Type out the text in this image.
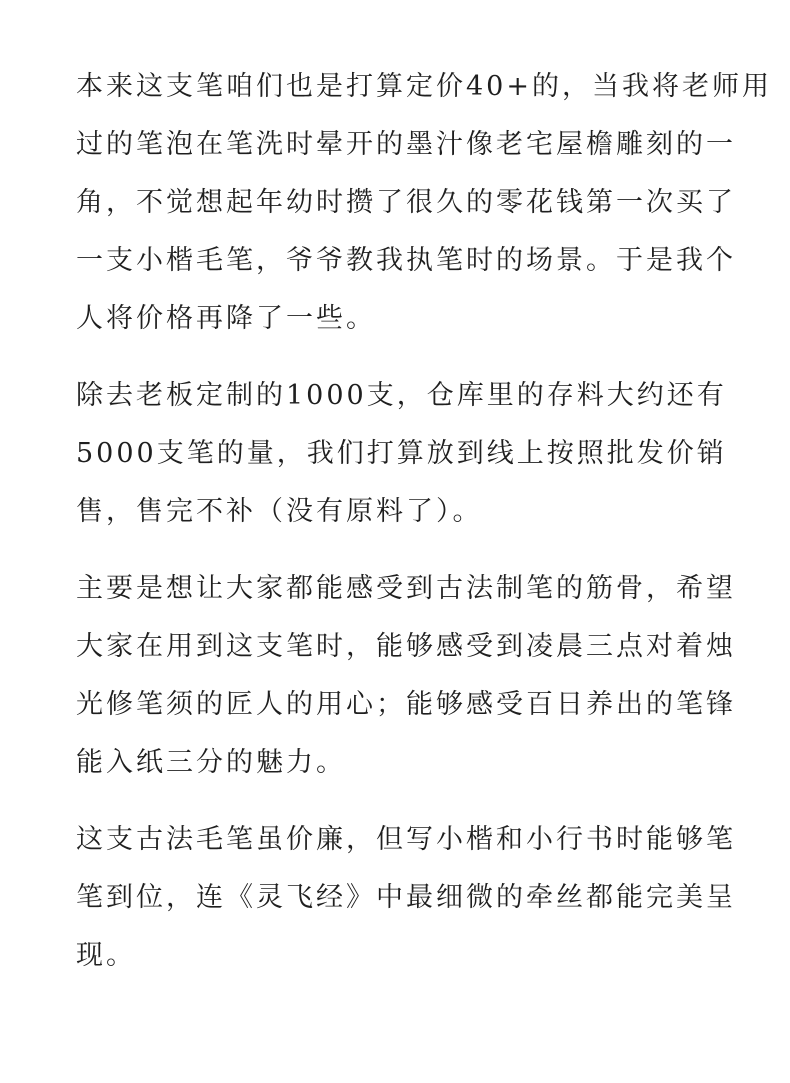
本来这支笔咱们也是打算定价40+的，当我将老师用
过的笔泡在笔洗时晕开的墨汁像老宅屋檐雕刻的一
角，不觉想起年幼时攒了很久的零花钱第一次买了
一支小楷毛笔，爷爷教我执笔时的场景。于是我个
人将价格再降了一些。
除去老板定制的1000支，仓库里的存料大约还有
5000支笔的量，我们打算放到线上按照批发价销
售，售完不补（没有原料了）。
主要是想让大家都能感受到古法制笔的筋骨，希望
大家在用到这支笔时，能够感受到凌晨三点对着烛
光修笔须的匠人的用心；能够感受百日养出的笔锋
能入纸三分的魅力。
这支古法毛笔虽价廉，但写小楷和小行书时能够笔
笔到位，连《灵飞经》中最细微的牵丝都能完美呈
现。
